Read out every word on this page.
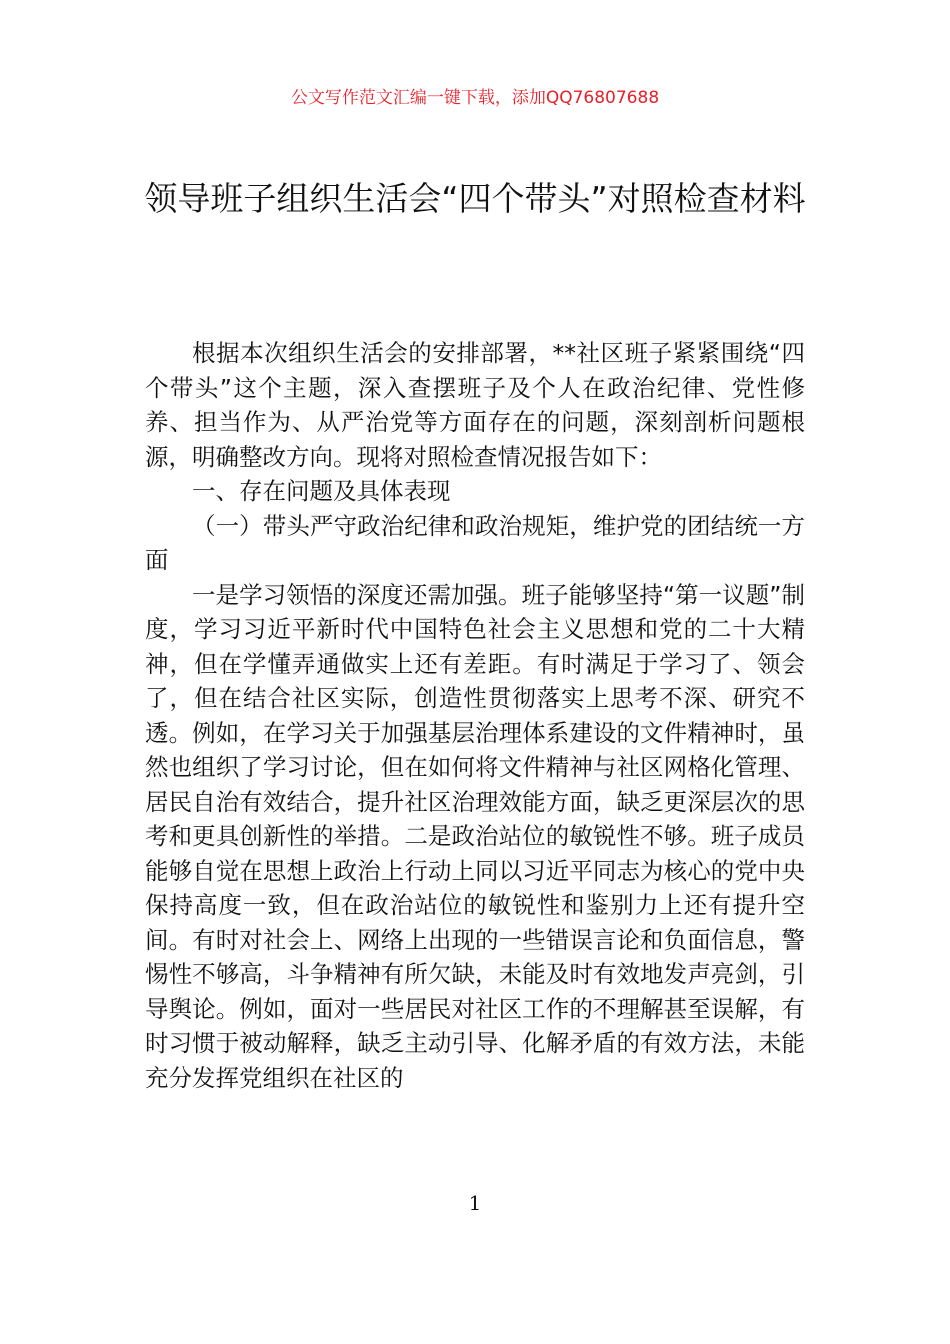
公文写作范文汇编一键下载，添加QQ76807688
领导班子组织生活会“四个带头”对照检查材料

根据本次组织生活会的安排部署，**社区班子紧紧围绕“四个带头”这个主题，深入查摆班子及个人在政治纪律、党性修养、担当作为、从严治党等方面存在的问题，深刻剖析问题根源，明确整改方向。现将对照检查情况报告如下：

一、存在问题及具体表现

（一）带头严守政治纪律和政治规矩，维护党的团结统一方面

一是学习领悟的深度还需加强。班子能够坚持“第一议题”制度，学习习近平新时代中国特色社会主义思想和党的二十大精神，但在学懂弄通做实上还有差距。有时满足于学习了、领会了，但在结合社区实际，创造性贯彻落实上思考不深、研究不透。例如，在学习关于加强基层治理体系建设的文件精神时，虽然也组织了学习讨论，但在如何将文件精神与社区网格化管理、居民自治有效结合，提升社区治理效能方面，缺乏更深层次的思考和更具创新性的举措。二是政治站位的敏锐性不够。班子成员能够自觉在思想上政治上行动上同以习近平同志为核心的党中央保持高度一致，但在政治站位的敏锐性和鉴别力上还有提升空间。有时对社会上、网络上出现的一些错误言论和负面信息，警惕性不够高，斗争精神有所欠缺，未能及时有效地发声亮剑，引导舆论。例如，面对一些居民对社区工作的不理解甚至误解，有时习惯于被动解释，缺乏主动引导、化解矛盾的有效方法，未能充分发挥党组织在社区的

1
